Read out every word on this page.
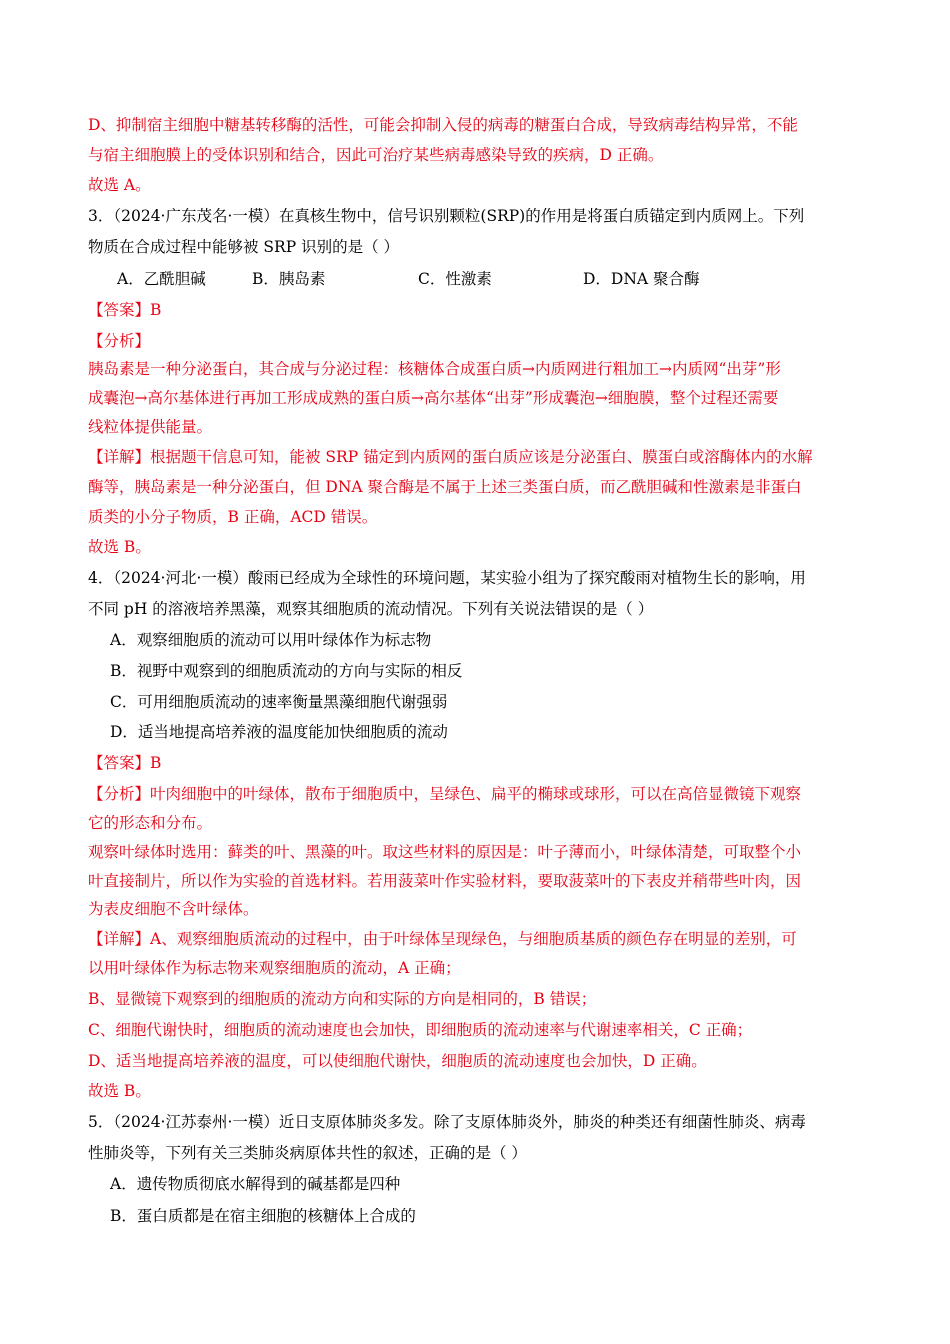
D、抑制宿主细胞中糖基转移酶的活性，可能会抑制入侵的病毒的糖蛋白合成，导致病毒结构异常，不能
与宿主细胞膜上的受体识别和结合，因此可治疗某些病毒感染导致的疾病，D 正确。
故选 A。
3．（2024·广东茂名·一模）在真核生物中，信号识别颗粒(SRP)的作用是将蛋白质锚定到内质网上。下列
物质在合成过程中能够被 SRP 识别的是（ ）
A．乙酰胆碱	B．胰岛素	C．性激素	D．DNA 聚合酶
【答案】B
【分析】
胰岛素是一种分泌蛋白，其合成与分泌过程：核糖体合成蛋白质→内质网进行粗加工→内质网“出芽”形
成囊泡→高尔基体进行再加工形成成熟的蛋白质→高尔基体“出芽”形成囊泡→细胞膜，整个过程还需要
线粒体提供能量。
【详解】根据题干信息可知，能被 SRP 锚定到内质网的蛋白质应该是分泌蛋白、膜蛋白或溶酶体内的水解
酶等，胰岛素是一种分泌蛋白，但 DNA 聚合酶是不属于上述三类蛋白质，而乙酰胆碱和性激素是非蛋白
质类的小分子物质，B 正确，ACD 错误。
故选 B。
4．（2024·河北·一模）酸雨已经成为全球性的环境问题，某实验小组为了探究酸雨对植物生长的影响，用
不同 pH 的溶液培养黑藻，观察其细胞质的流动情况。下列有关说法错误的是（ ）
A．观察细胞质的流动可以用叶绿体作为标志物
B．视野中观察到的细胞质流动的方向与实际的相反
C．可用细胞质流动的速率衡量黑藻细胞代谢强弱
D．适当地提高培养液的温度能加快细胞质的流动
【答案】B
【分析】叶肉细胞中的叶绿体，散布于细胞质中，呈绿色、扁平的椭球或球形，可以在高倍显微镜下观察
它的形态和分布。
观察叶绿体时选用：藓类的叶、黑藻的叶。取这些材料的原因是：叶子薄而小，叶绿体清楚，可取整个小
叶直接制片，所以作为实验的首选材料。若用菠菜叶作实验材料，要取菠菜叶的下表皮并稍带些叶肉，因
为表皮细胞不含叶绿体。
【详解】A、观察细胞质流动的过程中，由于叶绿体呈现绿色，与细胞质基质的颜色存在明显的差别，可
以用叶绿体作为标志物来观察细胞质的流动，A 正确；
B、显微镜下观察到的细胞质的流动方向和实际的方向是相同的，B 错误；
C、细胞代谢快时，细胞质的流动速度也会加快，即细胞质的流动速率与代谢速率相关，C 正确；
D、适当地提高培养液的温度，可以使细胞代谢快，细胞质的流动速度也会加快，D 正确。
故选 B。
5．（2024·江苏泰州·一模）近日支原体肺炎多发。除了支原体肺炎外，肺炎的种类还有细菌性肺炎、病毒
性肺炎等，下列有关三类肺炎病原体共性的叙述，正确的是（ ）
A．遗传物质彻底水解得到的碱基都是四种
B．蛋白质都是在宿主细胞的核糖体上合成的
